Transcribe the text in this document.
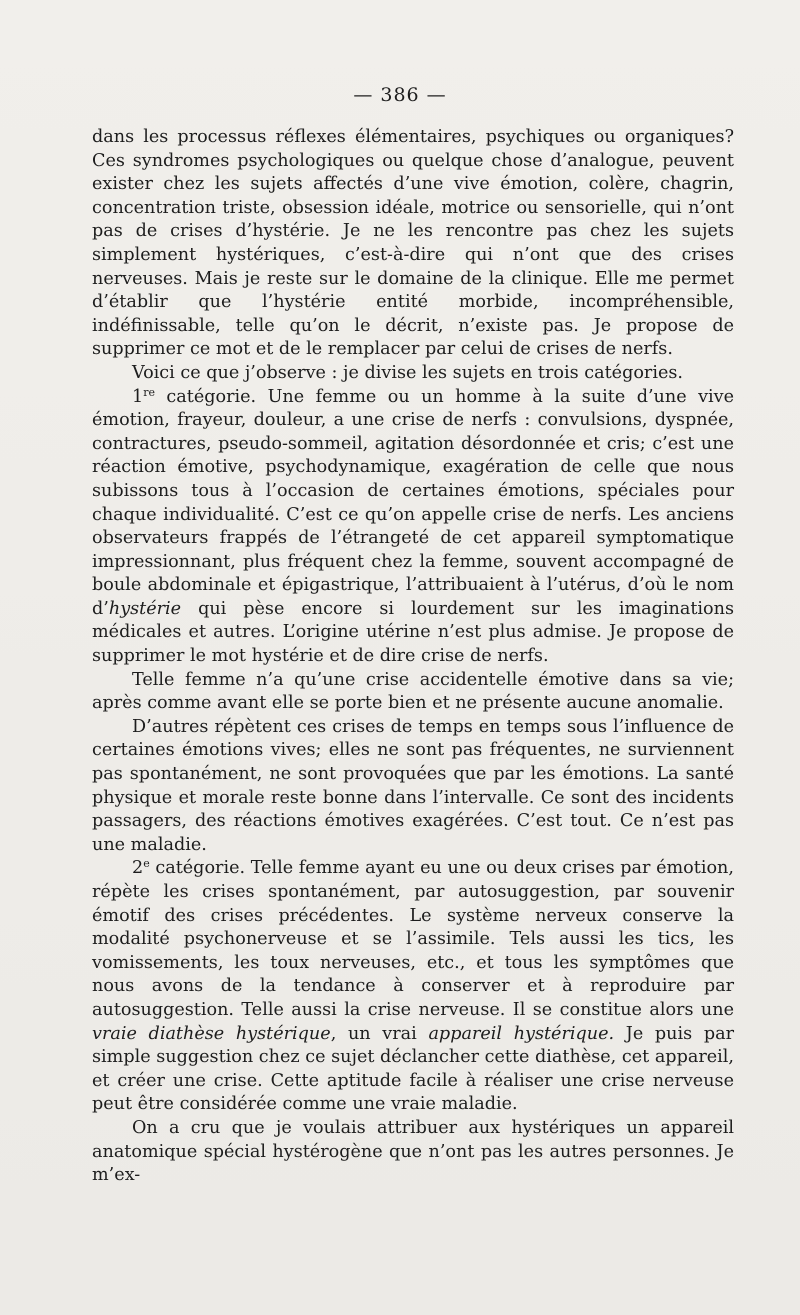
— 386 —

dans les processus réflexes élémentaires, psychiques ou organiques? Ces syndromes psychologiques ou quelque chose d’analogue, peuvent exister chez les sujets affectés d’une vive émotion, colère, chagrin, concentration triste, obsession idéale, motrice ou sensorielle, qui n’ont pas de crises d’hystérie. Je ne les rencontre pas chez les sujets simplement hystériques, c’est-à-dire qui n’ont que des crises nerveuses. Mais je reste sur le domaine de la clinique. Elle me permet d’établir que l’hystérie entité morbide, incompréhensible, indéfinissable, telle qu’on le décrit, n’existe pas. Je propose de supprimer ce mot et de le remplacer par celui de crises de nerfs.

Voici ce que j’observe : je divise les sujets en trois catégories.

1re catégorie. Une femme ou un homme à la suite d’une vive émotion, frayeur, douleur, a une crise de nerfs : convulsions, dyspnée, contractures, pseudo-sommeil, agitation désordonnée et cris; c’est une réaction émotive, psychodynamique, exagération de celle que nous subissons tous à l’occasion de certaines émotions, spéciales pour chaque individualité. C’est ce qu’on appelle crise de nerfs. Les anciens observateurs frappés de l’étrangeté de cet appareil symptomatique impressionnant, plus fréquent chez la femme, souvent accompagné de boule abdominale et épigastrique, l’attribuaient à l’utérus, d’où le nom d’hystérie qui pèse encore si lourdement sur les imaginations médicales et autres. L’origine utérine n’est plus admise. Je propose de supprimer le mot hystérie et de dire crise de nerfs.

Telle femme n’a qu’une crise accidentelle émotive dans sa vie; après comme avant elle se porte bien et ne présente aucune anomalie.

D’autres répètent ces crises de temps en temps sous l’influence de certaines émotions vives; elles ne sont pas fréquentes, ne surviennent pas spontanément, ne sont provoquées que par les émotions. La santé physique et morale reste bonne dans l’intervalle. Ce sont des incidents passagers, des réactions émotives exagérées. C’est tout. Ce n’est pas une maladie.

2e catégorie. Telle femme ayant eu une ou deux crises par émotion, répète les crises spontanément, par autosuggestion, par souvenir émotif des crises précédentes. Le système nerveux conserve la modalité psychonerveuse et se l’assimile. Tels aussi les tics, les vomissements, les toux nerveuses, etc., et tous les symptômes que nous avons de la tendance à conserver et à reproduire par autosuggestion. Telle aussi la crise nerveuse. Il se constitue alors une vraie diathèse hystérique, un vrai appareil hystérique. Je puis par simple suggestion chez ce sujet déclancher cette diathèse, cet appareil, et créer une crise. Cette aptitude facile à réaliser une crise nerveuse peut être considérée comme une vraie maladie.

On a cru que je voulais attribuer aux hystériques un appareil anatomique spécial hystérogène que n’ont pas les autres personnes. Je m’ex-
